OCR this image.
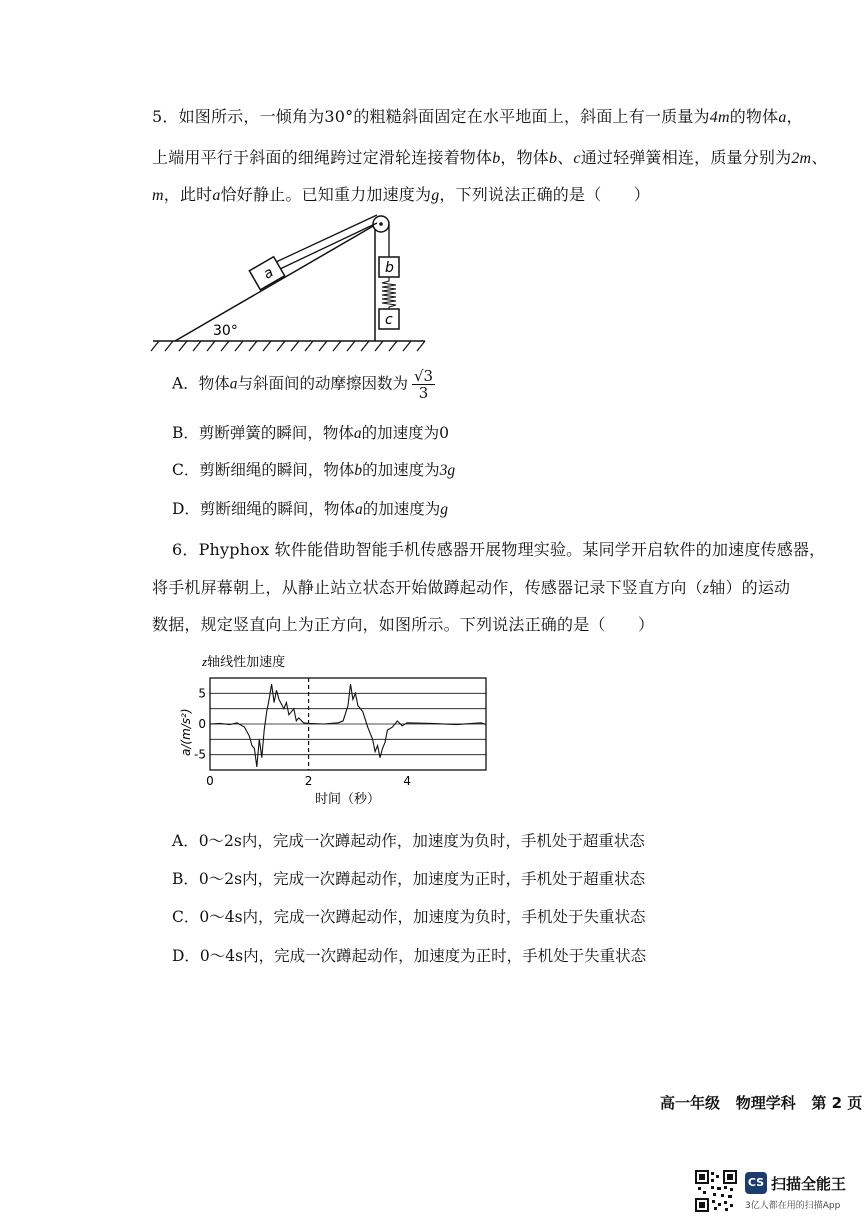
5．如图所示，一倾角为30°的粗糙斜面固定在水平地面上，斜面上有一质量为4m的物体a，
上端用平行于斜面的细绳跨过定滑轮连接着物体b，物体b、c通过轻弹簧相连，质量分别为2m、
m，此时a恰好静止。已知重力加速度为g，下列说法正确的是（　　）
a	b
c
30°
A．物体a与斜面间的动摩擦因数为 $\frac{√3}{3}$
B．剪断弹簧的瞬间，物体a的加速度为0
C．剪断细绳的瞬间，物体b的加速度为3g
D．剪断细绳的瞬间，物体a的加速度为g
6．Phyphox 软件能借助智能手机传感器开展物理实验。某同学开启软件的加速度传感器，
将手机屏幕朝上，从静止站立状态开始做蹲起动作，传感器记录下竖直方向（z轴）的运动
数据，规定竖直向上为正方向，如图所示。下列说法正确的是（　　）
z轴线性加速度
5
0
-5
0	2	4
a/(m/s²)
时间（秒）
A．0～2s内，完成一次蹲起动作，加速度为负时，手机处于超重状态
B．0～2s内，完成一次蹲起动作，加速度为正时，手机处于超重状态
C．0～4s内，完成一次蹲起动作，加速度为负时，手机处于失重状态
D．0～4s内，完成一次蹲起动作，加速度为正时，手机处于失重状态
高一年级 物理学科 第 2 页
CS 扫描全能王
3亿人都在用的扫描App
